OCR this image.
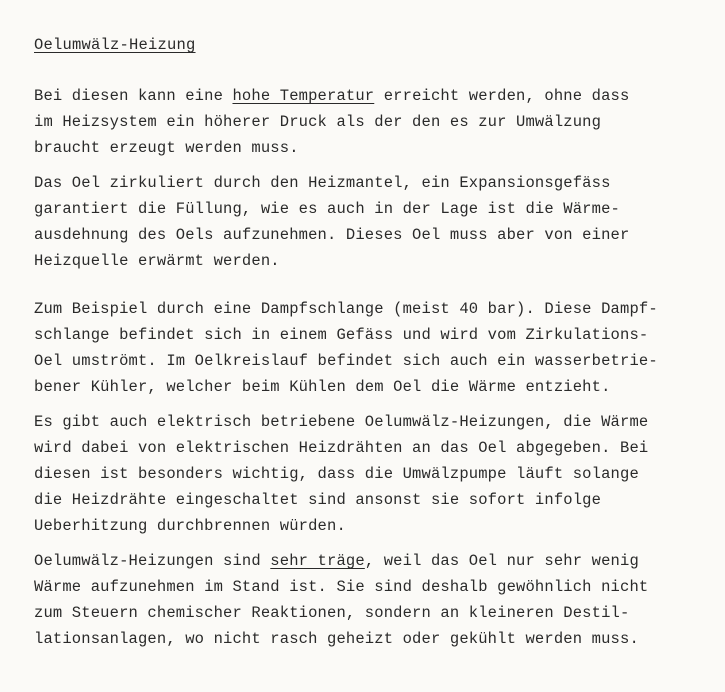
Oelumwälz-Heizung
Bei diesen kann eine hohe Temperatur erreicht werden, ohne dass
im Heizsystem ein höherer Druck als der den es zur Umwälzung
braucht erzeugt werden muss.
Das Oel zirkuliert durch den Heizmantel, ein Expansionsgefäss
garantiert die Füllung, wie es auch in der Lage ist die Wärme-
ausdehnung des Oels aufzunehmen. Dieses Oel muss aber von einer
Heizquelle erwärmt werden.
Zum Beispiel durch eine Dampfschlange (meist 40 bar). Diese Dampf-
schlange befindet sich in einem Gefäss und wird vom Zirkulations-
Oel umströmt. Im Oelkreislauf befindet sich auch ein wasserbetrie-
bener Kühler, welcher beim Kühlen dem Oel die Wärme entzieht.
Es gibt auch elektrisch betriebene Oelumwälz-Heizungen, die Wärme
wird dabei von elektrischen Heizdrähten an das Oel abgegeben. Bei
diesen ist besonders wichtig, dass die Umwälzpumpe läuft solange
die Heizdrähte eingeschaltet sind ansonst sie sofort infolge
Ueberhitzung durchbrennen würden.
Oelumwälz-Heizungen sind sehr träge, weil das Oel nur sehr wenig
Wärme aufzunehmen im Stand ist. Sie sind deshalb gewöhnlich nicht
zum Steuern chemischer Reaktionen, sondern an kleineren Destil-
lationsanlagen, wo nicht rasch geheizt oder gekühlt werden muss.
